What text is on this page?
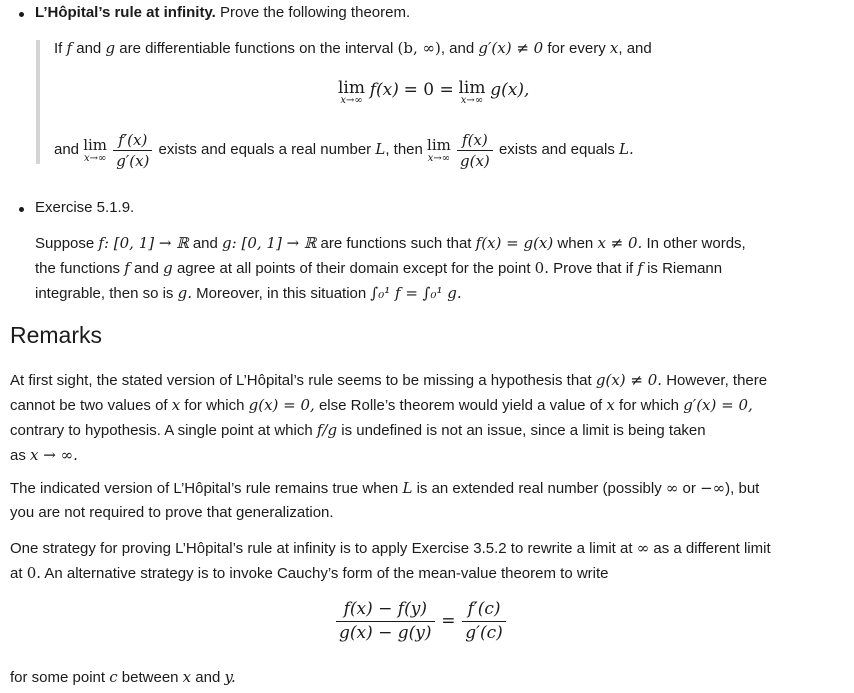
L’Hôpital’s rule at infinity. Prove the following theorem.
If f and g are differentiable functions on the interval (b, ∞), and g′(x) ≠ 0 for every x, and
lim
x→∞
f(x) = 0 = lim
x→∞
g(x),
and lim
x→∞
$\frac{f'(x)}{g'(x)}$ exists and equals a real number L, then lim
x→∞
$\frac{f(x)}{g(x)}$ exists and equals L.
Exercise 5.1.9.
Suppose f: [0, 1] → ℝ and g: [0, 1] → ℝ are functions such that f(x) = g(x) when x ≠ 0. In other words,
the functions f and g agree at all points of their domain except for the point 0. Prove that if f is Riemann
integrable, then so is g. Moreover, in this situation ∫₀¹ f = ∫₀¹ g.
Remarks
At first sight, the stated version of L’Hôpital’s rule seems to be missing a hypothesis that g(x) ≠ 0. However, there
cannot be two values of x for which g(x) = 0, else Rolle’s theorem would yield a value of x for which g′(x) = 0,
contrary to hypothesis. A single point at which f/g is undefined is not an issue, since a limit is being taken
as x → ∞.
The indicated version of L’Hôpital’s rule remains true when L is an extended real number (possibly ∞ or −∞), but
you are not required to prove that generalization.
One strategy for proving L’Hôpital’s rule at infinity is to apply Exercise 3.5.2 to rewrite a limit at ∞ as a different limit
at 0. An alternative strategy is to invoke Cauchy’s form of the mean-value theorem to write
$\frac{f(x) - f(y)}{g(x) - g(y)} = \frac{f'(c)}{g'(c)}$
for some point c between x and y.
